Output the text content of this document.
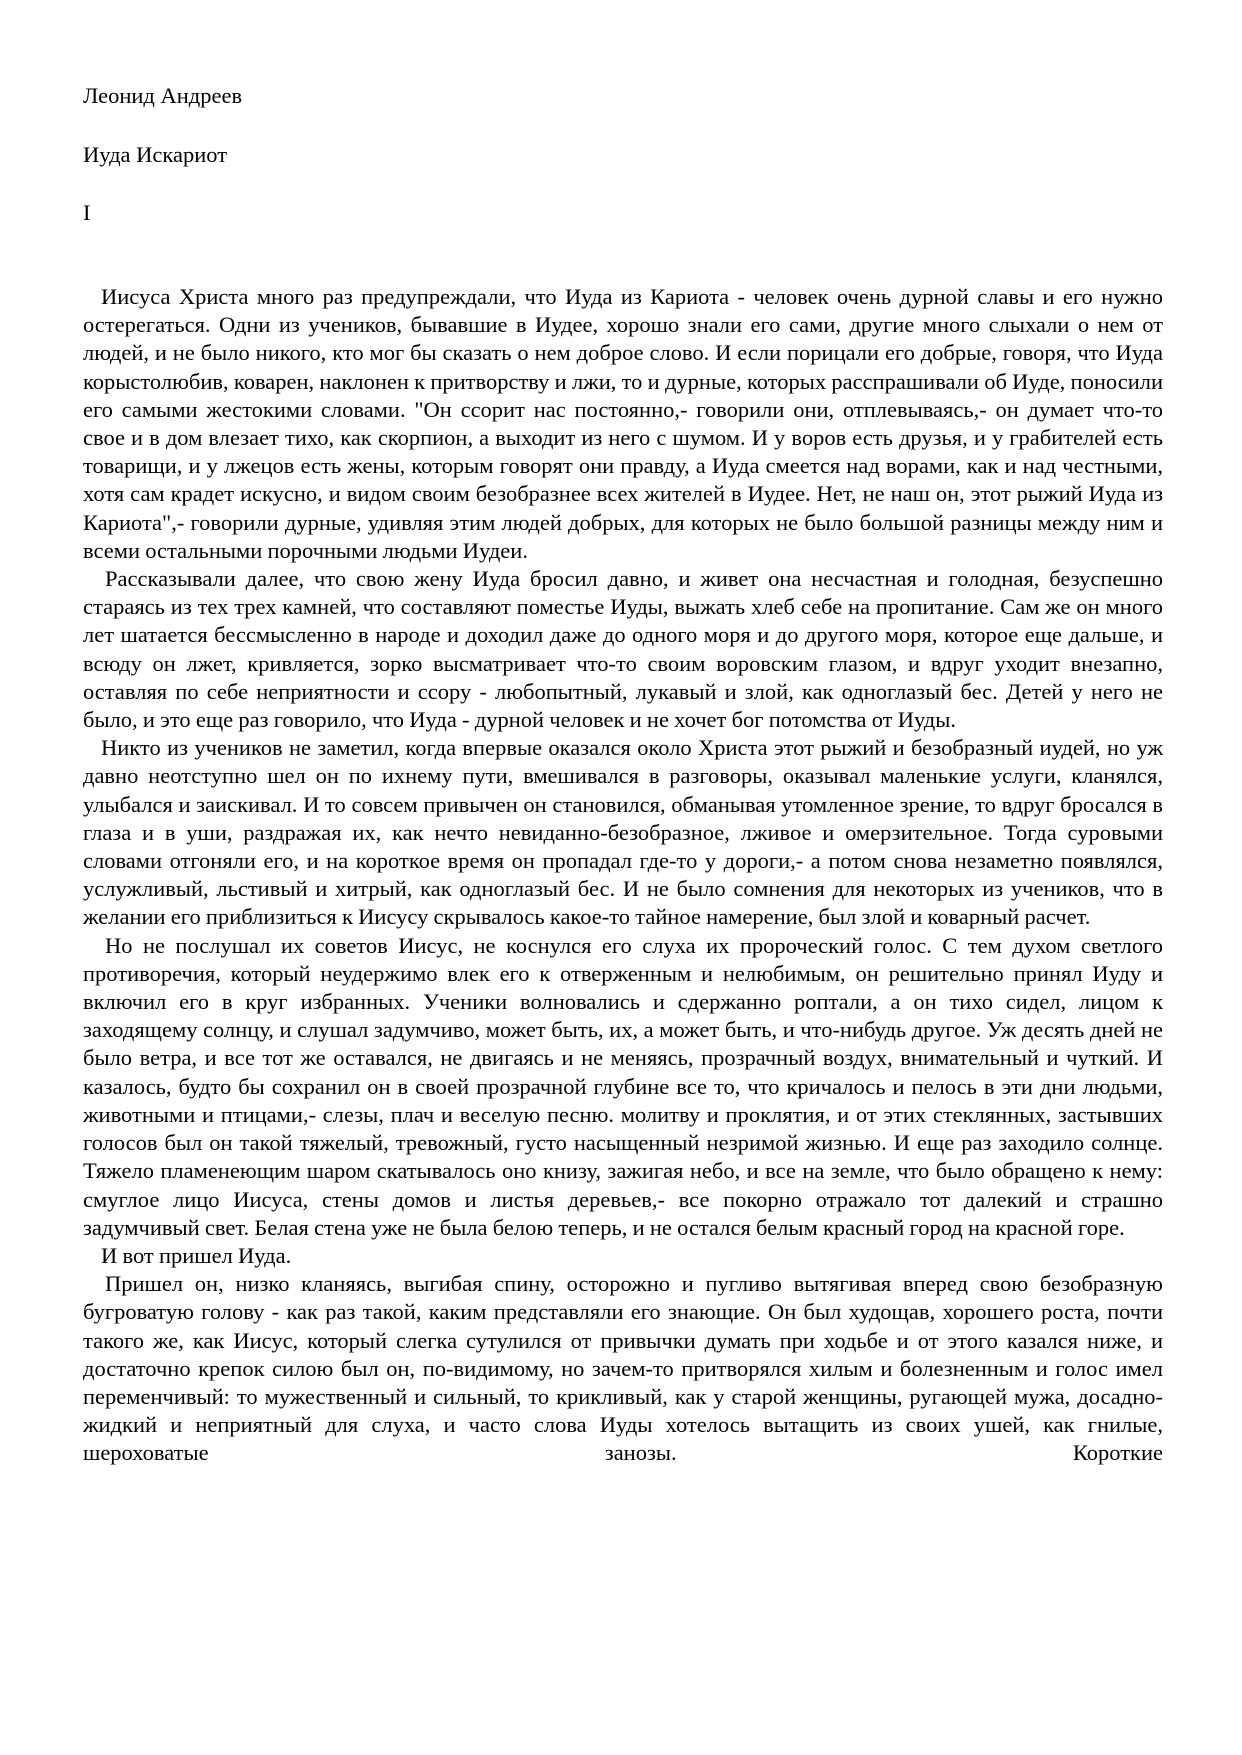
Леонид Андреев
Иуда Искариот
I

Иисуса Христа много раз предупреждали, что Иуда из Кариота - человек очень дурной славы и его нужно остерегаться. Одни из учеников, бывавшие в Иудее, хорошо знали его сами, другие много слыхали о нем от людей, и не было никого, кто мог бы сказать о нем доброе слово. И если порицали его добрые, говоря, что Иуда корыстолюбив, коварен, наклонен к притворству и лжи, то и дурные, которых расспрашивали об Иуде, поносили его самыми жестокими словами. "Он ссорит нас постоянно,- говорили они, отплевываясь,- он думает что-то свое и в дом влезает тихо, как скорпион, а выходит из него с шумом. И у воров есть друзья, и у грабителей есть товарищи, и у лжецов есть жены, которым говорят они правду, а Иуда смеется над ворами, как и над честными, хотя сам крадет искусно, и видом своим безобразнее всех жителей в Иудее. Нет, не наш он, этот рыжий Иуда из Кариота",- говорили дурные, удивляя этим людей добрых, для которых не было большой разницы между ним и всеми остальными порочными людьми Иудеи.

Рассказывали далее, что свою жену Иуда бросил давно, и живет она несчастная и голодная, безуспешно стараясь из тех трех камней, что составляют поместье Иуды, выжать хлеб себе на пропитание. Сам же он много лет шатается бессмысленно в народе и доходил даже до одного моря и до другого моря, которое еще дальше, и всюду он лжет, кривляется, зорко высматривает что-то своим воровским глазом, и вдруг уходит внезапно, оставляя по себе неприятности и ссору - любопытный, лукавый и злой, как одноглазый бес. Детей у него не было, и это еще раз говорило, что Иуда - дурной человек и не хочет бог потомства от Иуды.

Никто из учеников не заметил, когда впервые оказался около Христа этот рыжий и безобразный иудей, но уж давно неотступно шел он по ихнему пути, вмешивался в разговоры, оказывал маленькие услуги, кланялся, улыбался и заискивал. И то совсем привычен он становился, обманывая утомленное зрение, то вдруг бросался в глаза и в уши, раздражая их, как нечто невиданно-безобразное, лживое и омерзительное. Тогда суровыми словами отгоняли его, и на короткое время он пропадал где-то у дороги,- а потом снова незаметно появлялся, услужливый, льстивый и хитрый, как одноглазый бес. И не было сомнения для некоторых из учеников, что в желании его приблизиться к Иисусу скрывалось какое-то тайное намерение, был злой и коварный расчет.

Но не послушал их советов Иисус, не коснулся его слуха их пророческий голос. С тем духом светлого противоречия, который неудержимо влек его к отверженным и нелюбимым, он решительно принял Иуду и включил его в круг избранных. Ученики волновались и сдержанно роптали, а он тихо сидел, лицом к заходящему солнцу, и слушал задумчиво, может быть, их, а может быть, и что-нибудь другое. Уж десять дней не было ветра, и все тот же оставался, не двигаясь и не меняясь, прозрачный воздух, внимательный и чуткий. И казалось, будто бы сохранил он в своей прозрачной глубине все то, что кричалось и пелось в эти дни людьми, животными и птицами,- слезы, плач и веселую песню. молитву и проклятия, и от этих стеклянных, застывших голосов был он такой тяжелый, тревожный, густо насыщенный незримой жизнью. И еще раз заходило солнце. Тяжело пламенеющим шаром скатывалось оно книзу, зажигая небо, и все на земле, что было обращено к нему: смуглое лицо Иисуса, стены домов и листья деревьев,- все покорно отражало тот далекий и страшно задумчивый свет. Белая стена уже не была белою теперь, и не остался белым красный город на красной горе.

И вот пришел Иуда.

Пришел он, низко кланяясь, выгибая спину, осторожно и пугливо вытягивая вперед свою безобразную бугроватую голову - как раз такой, каким представляли его знающие. Он был худощав, хорошего роста, почти такого же, как Иисус, который слегка сутулился от привычки думать при ходьбе и от этого казался ниже, и достаточно крепок силою был он, по-видимому, но зачем-то притворялся хилым и болезненным и голос имел переменчивый: то мужественный и сильный, то крикливый, как у старой женщины, ругающей мужа, досадно-жидкий и неприятный для слуха, и часто слова Иуды хотелось вытащить из своих ушей, как гнилые, шероховатые занозы. Короткие
